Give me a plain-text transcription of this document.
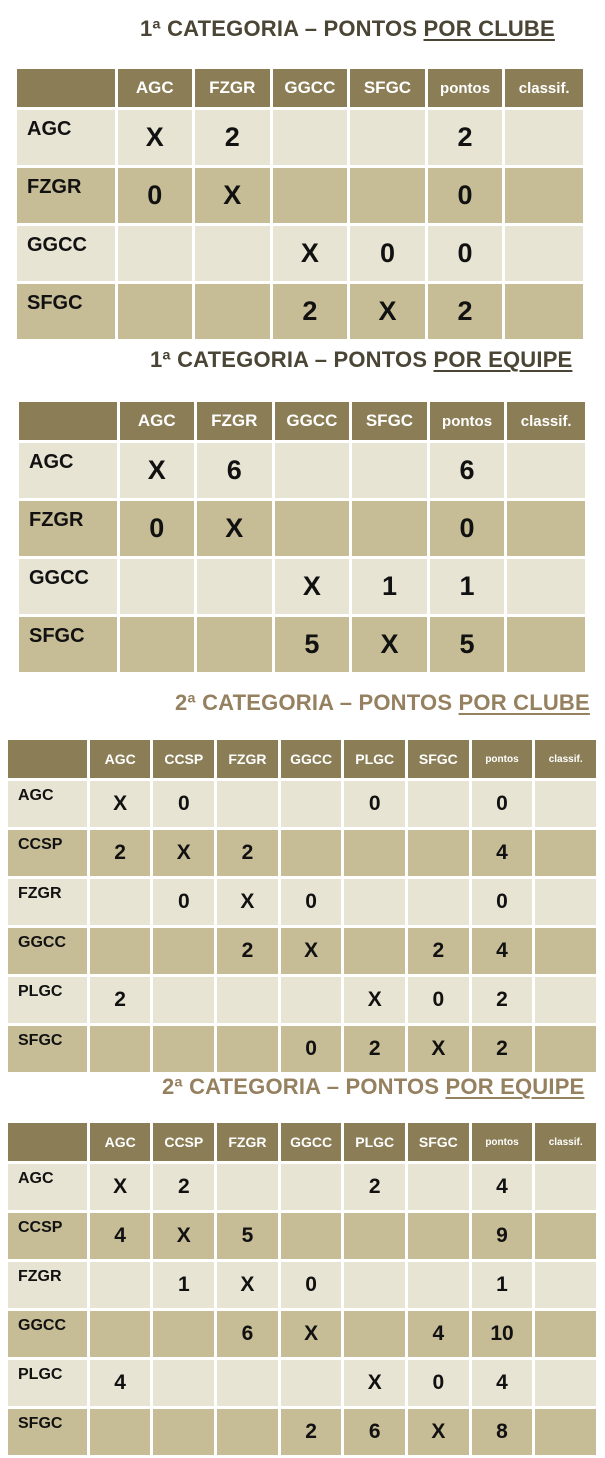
1ª CATEGORIA – PONTOS POR CLUBE
	AGC	FZGR	GGCC	SFGC	pontos	classif.
AGC	X	2			2	
FZGR	0	X			0	
GGCC			X	0	0	
SFGC			2	X	2	
1ª CATEGORIA – PONTOS POR EQUIPE
	AGC	FZGR	GGCC	SFGC	pontos	classif.
AGC	X	6			6	
FZGR	0	X			0	
GGCC			X	1	1	
SFGC			5	X	5	
2ª CATEGORIA – PONTOS POR CLUBE
	AGC	CCSP	FZGR	GGCC	PLGC	SFGC	pontos	classif.
AGC	X	0			0		0	
CCSP	2	X	2				4	
FZGR		0	X	0			0	
GGCC			2	X		2	4	
PLGC	2				X	0	2	
SFGC				0	2	X	2	
2ª CATEGORIA – PONTOS POR EQUIPE
	AGC	CCSP	FZGR	GGCC	PLGC	SFGC	pontos	classif.
AGC	X	2			2		4	
CCSP	4	X	5				9	
FZGR		1	X	0			1	
GGCC			6	X		4	10	
PLGC	4				X	0	4	
SFGC				2	6	X	8	
